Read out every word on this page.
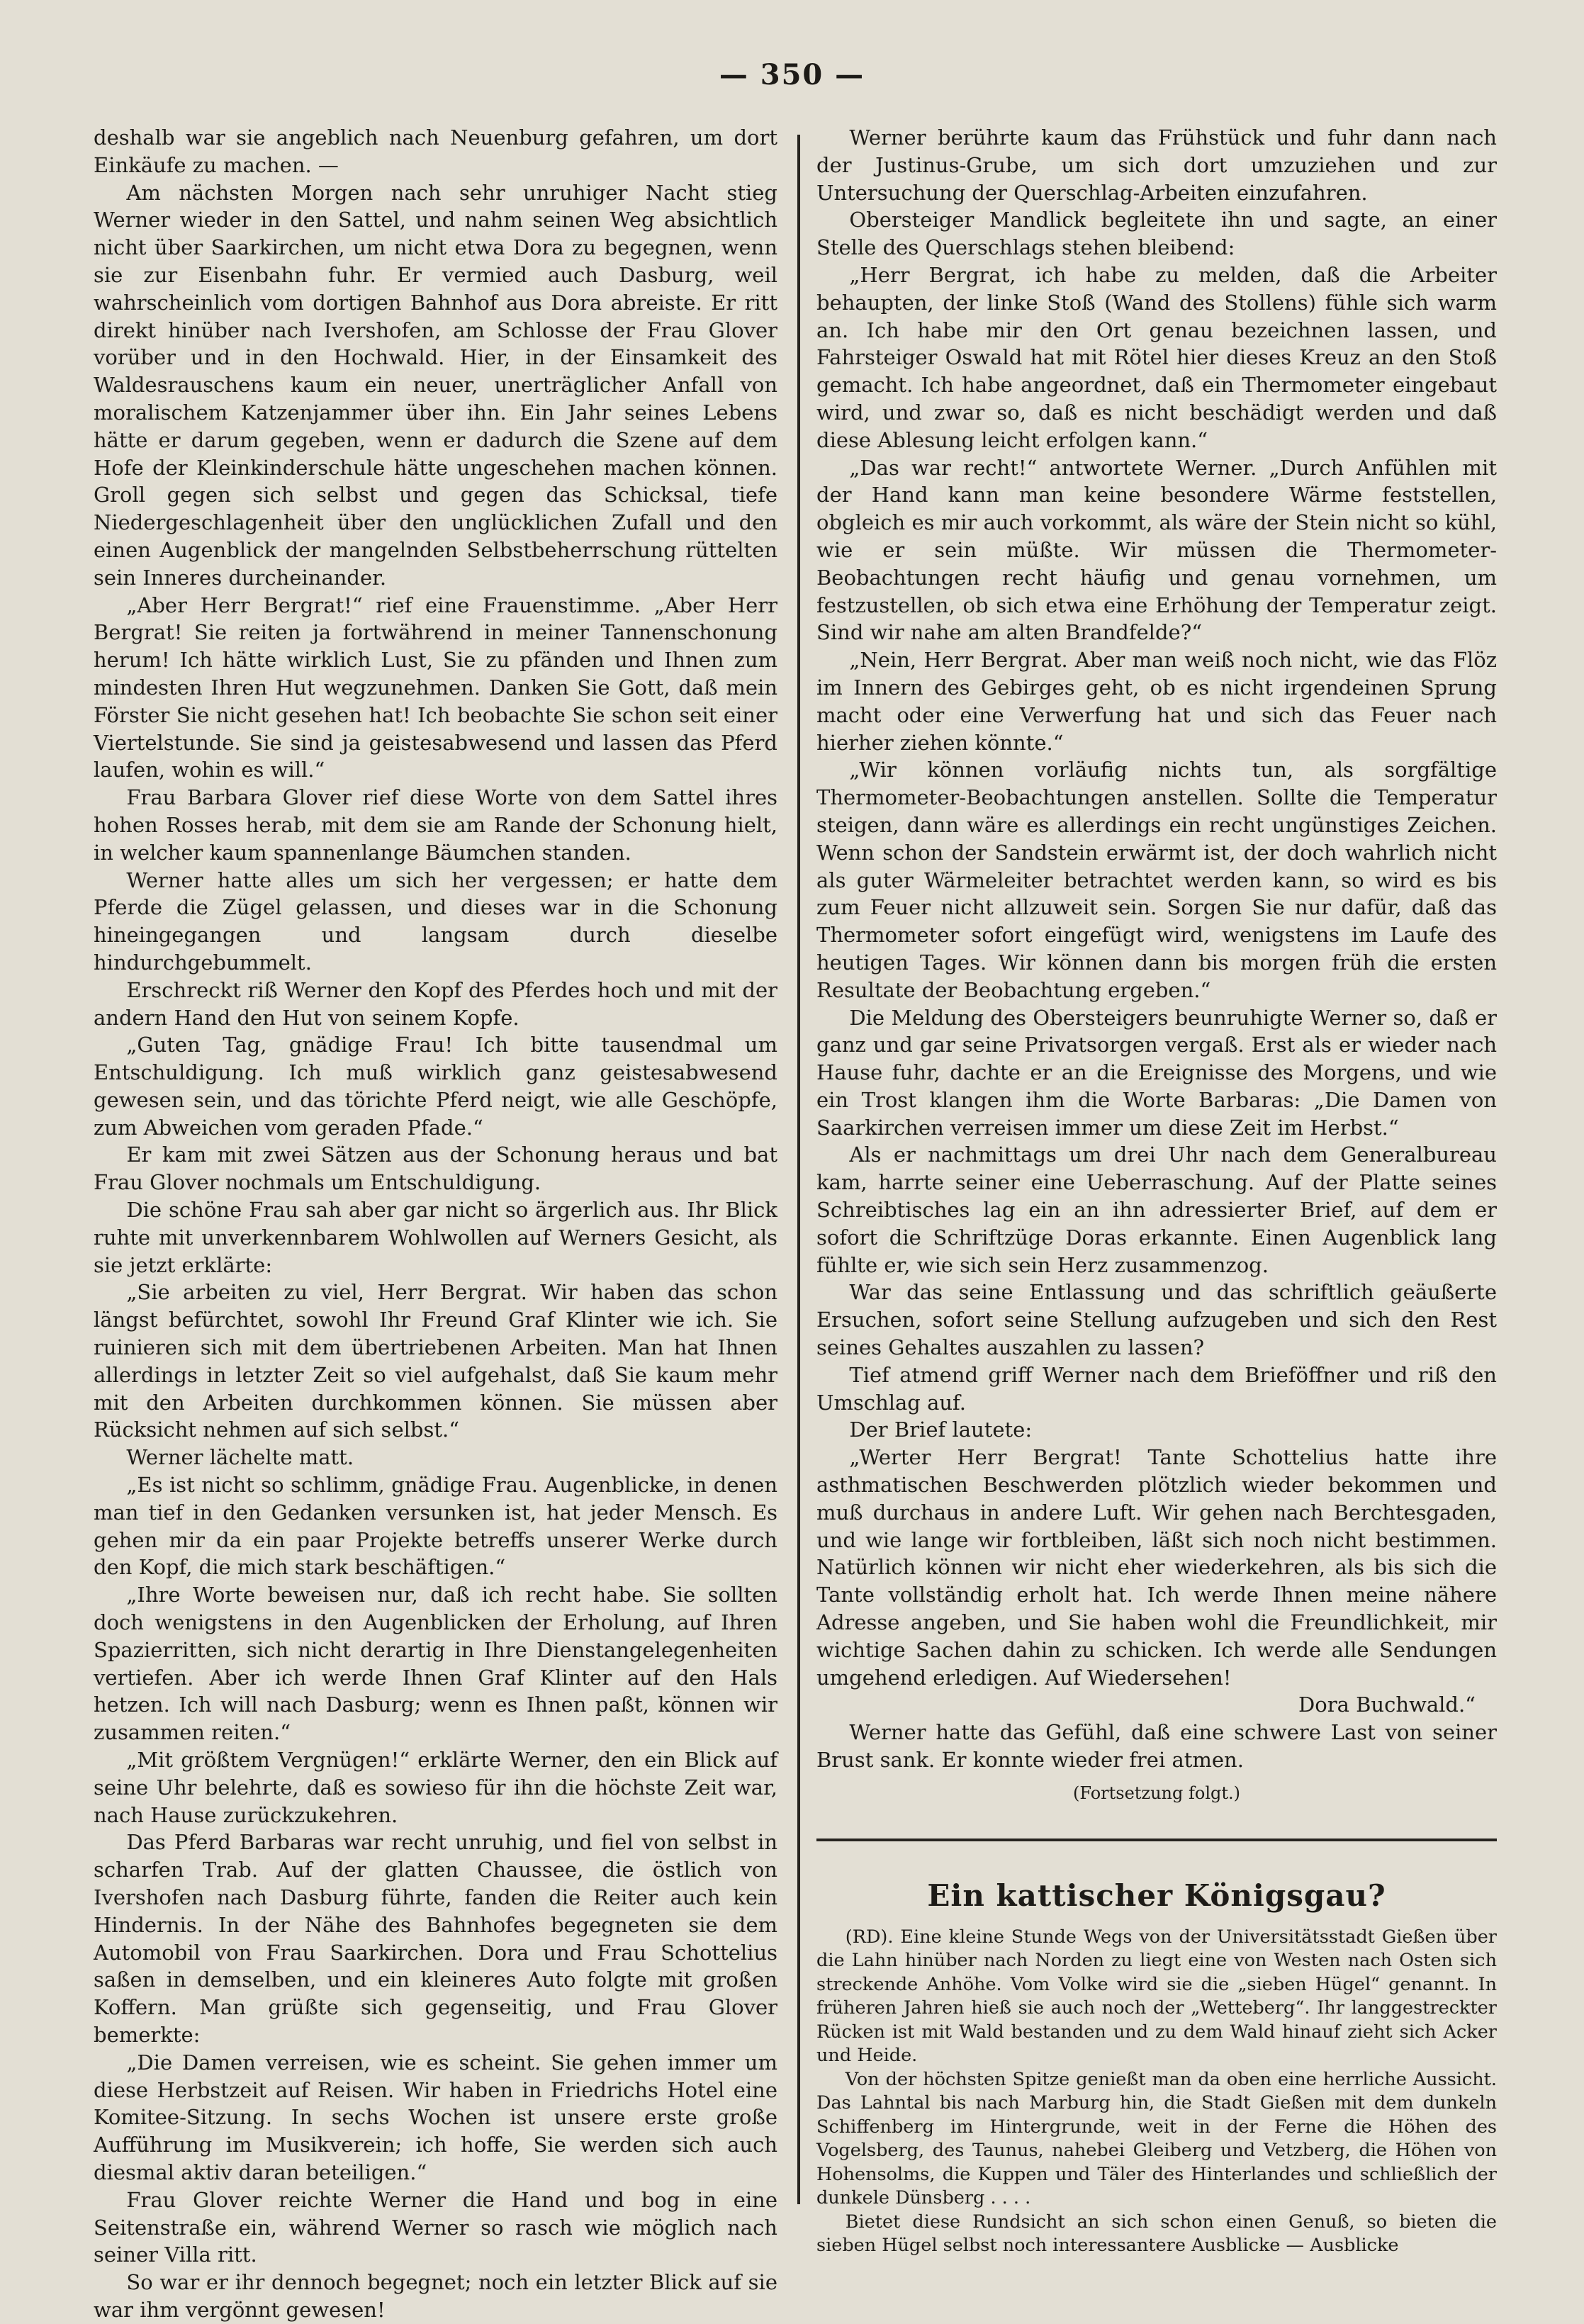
— 350 —

deshalb war sie angeblich nach Neuenburg gefahren, um dort Einkäufe zu machen. —

Am nächsten Morgen nach sehr unruhiger Nacht stieg Werner wieder in den Sattel, und nahm seinen Weg absichtlich nicht über Saarkirchen, um nicht etwa Dora zu begegnen, wenn sie zur Eisenbahn fuhr. Er vermied auch Dasburg, weil wahrscheinlich vom dortigen Bahnhof aus Dora abreiste. Er ritt direkt hinüber nach Ivershofen, am Schlosse der Frau Glover vorüber und in den Hochwald. Hier, in der Einsamkeit des Waldesrauschens kaum ein neuer, unerträglicher Anfall von moralischem Katzenjammer über ihn. Ein Jahr seines Lebens hätte er darum gegeben, wenn er dadurch die Szene auf dem Hofe der Kleinkinderschule hätte ungeschehen machen können. Groll gegen sich selbst und gegen das Schicksal, tiefe Niedergeschlagenheit über den unglücklichen Zufall und den einen Augenblick der mangelnden Selbstbeherrschung rüttelten sein Inneres durcheinander.

„Aber Herr Bergrat!“ rief eine Frauenstimme. „Aber Herr Bergrat! Sie reiten ja fortwährend in meiner Tannenschonung herum! Ich hätte wirklich Lust, Sie zu pfänden und Ihnen zum mindesten Ihren Hut wegzunehmen. Danken Sie Gott, daß mein Förster Sie nicht gesehen hat! Ich beobachte Sie schon seit einer Viertelstunde. Sie sind ja geistesabwesend und lassen das Pferd laufen, wohin es will.“

Frau Barbara Glover rief diese Worte von dem Sattel ihres hohen Rosses herab, mit dem sie am Rande der Schonung hielt, in welcher kaum spannenlange Bäumchen standen.

Werner hatte alles um sich her vergessen; er hatte dem Pferde die Zügel gelassen, und dieses war in die Schonung hineingegangen und langsam durch dieselbe hindurchgebummelt.

Erschreckt riß Werner den Kopf des Pferdes hoch und mit der andern Hand den Hut von seinem Kopfe.

„Guten Tag, gnädige Frau! Ich bitte tausendmal um Entschuldigung. Ich muß wirklich ganz geistesabwesend gewesen sein, und das törichte Pferd neigt, wie alle Geschöpfe, zum Abweichen vom geraden Pfade.“

Er kam mit zwei Sätzen aus der Schonung heraus und bat Frau Glover nochmals um Entschuldigung.

Die schöne Frau sah aber gar nicht so ärgerlich aus. Ihr Blick ruhte mit unverkennbarem Wohlwollen auf Werners Gesicht, als sie jetzt erklärte:

„Sie arbeiten zu viel, Herr Bergrat. Wir haben das schon längst befürchtet, sowohl Ihr Freund Graf Klinter wie ich. Sie ruinieren sich mit dem übertriebenen Arbeiten. Man hat Ihnen allerdings in letzter Zeit so viel aufgehalst, daß Sie kaum mehr mit den Arbeiten durchkommen können. Sie müssen aber Rücksicht nehmen auf sich selbst.“

Werner lächelte matt.

„Es ist nicht so schlimm, gnädige Frau. Augenblicke, in denen man tief in den Gedanken versunken ist, hat jeder Mensch. Es gehen mir da ein paar Projekte betreffs unserer Werke durch den Kopf, die mich stark beschäftigen.“

„Ihre Worte beweisen nur, daß ich recht habe. Sie sollten doch wenigstens in den Augenblicken der Erholung, auf Ihren Spazierritten, sich nicht derartig in Ihre Dienstangelegenheiten vertiefen. Aber ich werde Ihnen Graf Klinter auf den Hals hetzen. Ich will nach Dasburg; wenn es Ihnen paßt, können wir zusammen reiten.“

„Mit größtem Vergnügen!“ erklärte Werner, den ein Blick auf seine Uhr belehrte, daß es sowieso für ihn die höchste Zeit war, nach Hause zurückzukehren.

Das Pferd Barbaras war recht unruhig, und fiel von selbst in scharfen Trab. Auf der glatten Chaussee, die östlich von Ivershofen nach Dasburg führte, fanden die Reiter auch kein Hindernis. In der Nähe des Bahnhofes begegneten sie dem Automobil von Frau Saarkirchen. Dora und Frau Schottelius saßen in demselben, und ein kleineres Auto folgte mit großen Koffern. Man grüßte sich gegenseitig, und Frau Glover bemerkte:

„Die Damen verreisen, wie es scheint. Sie gehen immer um diese Herbstzeit auf Reisen. Wir haben in Friedrichs Hotel eine Komitee-Sitzung. In sechs Wochen ist unsere erste große Aufführung im Musikverein; ich hoffe, Sie werden sich auch diesmal aktiv daran beteiligen.“

Frau Glover reichte Werner die Hand und bog in eine Seitenstraße ein, während Werner so rasch wie möglich nach seiner Villa ritt.

So war er ihr dennoch begegnet; noch ein letzter Blick auf sie war ihm vergönnt gewesen!

Werner berührte kaum das Frühstück und fuhr dann nach der Justinus-Grube, um sich dort umzuziehen und zur Untersuchung der Querschlag-Arbeiten einzufahren.

Obersteiger Mandlick begleitete ihn und sagte, an einer Stelle des Querschlags stehen bleibend:

„Herr Bergrat, ich habe zu melden, daß die Arbeiter behaupten, der linke Stoß (Wand des Stollens) fühle sich warm an. Ich habe mir den Ort genau bezeichnen lassen, und Fahrsteiger Oswald hat mit Rötel hier dieses Kreuz an den Stoß gemacht. Ich habe angeordnet, daß ein Thermometer eingebaut wird, und zwar so, daß es nicht beschädigt werden und daß diese Ablesung leicht erfolgen kann.“

„Das war recht!“ antwortete Werner. „Durch Anfühlen mit der Hand kann man keine besondere Wärme feststellen, obgleich es mir auch vorkommt, als wäre der Stein nicht so kühl, wie er sein müßte. Wir müssen die Thermometer-Beobachtungen recht häufig und genau vornehmen, um festzustellen, ob sich etwa eine Erhöhung der Temperatur zeigt. Sind wir nahe am alten Brandfelde?“

„Nein, Herr Bergrat. Aber man weiß noch nicht, wie das Flöz im Innern des Gebirges geht, ob es nicht irgendeinen Sprung macht oder eine Verwerfung hat und sich das Feuer nach hierher ziehen könnte.“

„Wir können vorläufig nichts tun, als sorgfältige Thermometer-Beobachtungen anstellen. Sollte die Temperatur steigen, dann wäre es allerdings ein recht ungünstiges Zeichen. Wenn schon der Sandstein erwärmt ist, der doch wahrlich nicht als guter Wärmeleiter betrachtet werden kann, so wird es bis zum Feuer nicht allzuweit sein. Sorgen Sie nur dafür, daß das Thermometer sofort eingefügt wird, wenigstens im Laufe des heutigen Tages. Wir können dann bis morgen früh die ersten Resultate der Beobachtung ergeben.“

Die Meldung des Obersteigers beunruhigte Werner so, daß er ganz und gar seine Privatsorgen vergaß. Erst als er wieder nach Hause fuhr, dachte er an die Ereignisse des Morgens, und wie ein Trost klangen ihm die Worte Barbaras: „Die Damen von Saarkirchen verreisen immer um diese Zeit im Herbst.“

Als er nachmittags um drei Uhr nach dem Generalbureau kam, harrte seiner eine Ueberraschung. Auf der Platte seines Schreibtisches lag ein an ihn adressierter Brief, auf dem er sofort die Schriftzüge Doras erkannte. Einen Augenblick lang fühlte er, wie sich sein Herz zusammenzog.

War das seine Entlassung und das schriftlich geäußerte Ersuchen, sofort seine Stellung aufzugeben und sich den Rest seines Gehaltes auszahlen zu lassen?

Tief atmend griff Werner nach dem Brieföffner und riß den Umschlag auf.

Der Brief lautete:

„Werter Herr Bergrat! Tante Schottelius hatte ihre asthmatischen Beschwerden plötzlich wieder bekommen und muß durchaus in andere Luft. Wir gehen nach Berchtesgaden, und wie lange wir fortbleiben, läßt sich noch nicht bestimmen. Natürlich können wir nicht eher wiederkehren, als bis sich die Tante vollständig erholt hat. Ich werde Ihnen meine nähere Adresse angeben, und Sie haben wohl die Freundlichkeit, mir wichtige Sachen dahin zu schicken. Ich werde alle Sendungen umgehend erledigen. Auf Wiedersehen!

Dora Buchwald.“

Werner hatte das Gefühl, daß eine schwere Last von seiner Brust sank. Er konnte wieder frei atmen.

(Fortsetzung folgt.)

Ein kattischer Königsgau?

(RD). Eine kleine Stunde Wegs von der Universitätsstadt Gießen über die Lahn hinüber nach Norden zu liegt eine von Westen nach Osten sich streckende Anhöhe. Vom Volke wird sie die „sieben Hügel“ genannt. In früheren Jahren hieß sie auch noch der „Wetteberg“. Ihr langgestreckter Rücken ist mit Wald bestanden und zu dem Wald hinauf zieht sich Acker und Heide.

Von der höchsten Spitze genießt man da oben eine herrliche Aussicht. Das Lahntal bis nach Marburg hin, die Stadt Gießen mit dem dunkeln Schiffenberg im Hintergrunde, weit in der Ferne die Höhen des Vogelsberg, des Taunus, nahebei Gleiberg und Vetzberg, die Höhen von Hohensolms, die Kuppen und Täler des Hinterlandes und schließlich der dunkele Dünsberg . . . .

Bietet diese Rundsicht an sich schon einen Genuß, so bieten die sieben Hügel selbst noch interessantere Ausblicke — Ausblicke
